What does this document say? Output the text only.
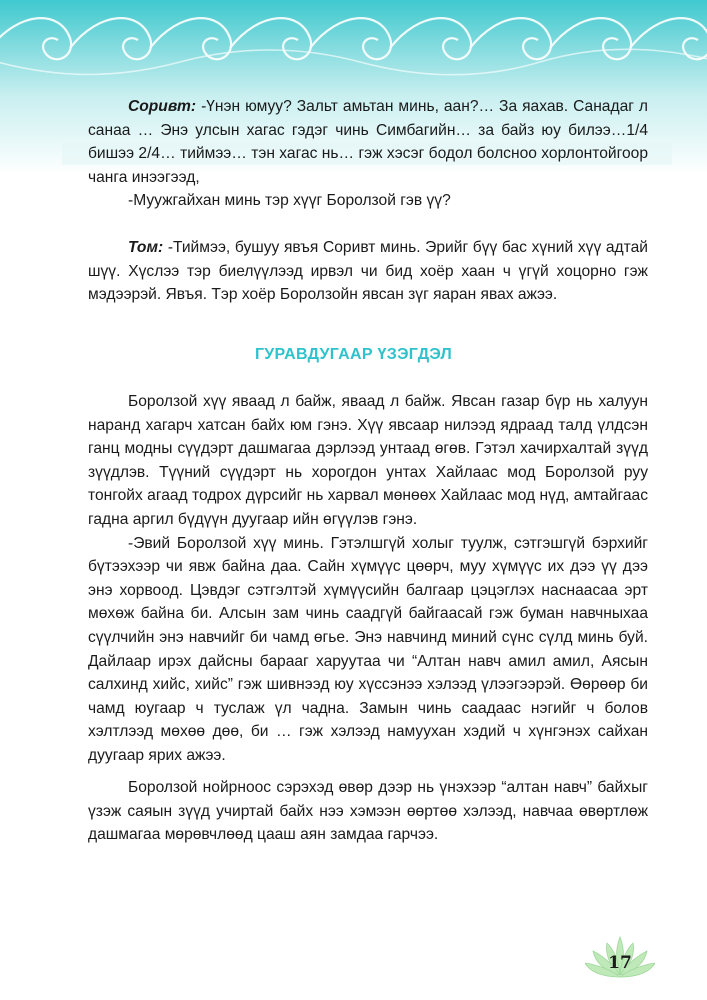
Соривт: -Үнэн юмуу? Зальт амьтан минь, аан?… За яахав. Санадаг л санаа … Энэ улсын хагас гэдэг чинь Симбагийн… за байз юу билээ…1/4 бишээ 2/4… тиймээ… тэн хагас нь… гэж хэсэг бодол болсноо хорлонтойгоор чанга инээгээд,

-Муужгайхан минь тэр хүүг Боролзой гэв үү?

Том: -Тиймээ, бушуу явъя Соривт минь. Эрийг бүү бас хүний хүү адтай шүү. Хүслээ тэр биелүүлээд ирвэл чи бид хоёр хаан ч үгүй хоцорно гэж мэдээрэй. Явъя. Тэр хоёр Боролзойн явсан зүг яаран явах ажээ.

ГУРАВДУГААР ҮЗЭГДЭЛ

Боролзой хүү яваад л байж, яваад л байж. Явсан газар бүр нь халуун наранд хагарч хатсан байх юм гэнэ. Хүү явсаар нилээд ядраад талд үлдсэн ганц модны сүүдэрт дашмагаа дэрлээд унтаад өгөв. Гэтэл хачирхалтай зүүд зүүдлэв. Түүний сүүдэрт нь хорогдон унтах Хайлаас мод Боролзой руу тонгойх агаад тодрох дүрсийг нь харвал мөнөөх Хайлаас мод нүд, амтайгаас гадна аргил бүдүүн дуугаар ийн өгүүлэв гэнэ.

-Эвий Боролзой хүү минь. Гэтэлшгүй холыг туулж, сэтгэшгүй бэрхийг бүтээхээр чи явж байна даа. Сайн хүмүүс цөөрч, муу хүмүүс их дээ үү дээ энэ хорвоод. Цэвдэг сэтгэлтэй хүмүүсийн балгаар цэцэглэх наснаасаа эрт мөхөж байна би. Алсын зам чинь саадгүй байгаасай гэж буман навчныхаа сүүлчийн энэ навчийг би чамд өгье. Энэ навчинд миний сүнс сүлд минь буй. Дайлаар ирэх дайсны барааг харуутаа чи “Алтан навч амил амил, Аясын салхинд хийс, хийс” гэж шивнээд юу хүссэнээ хэлээд үлээгээрэй. Өөрөөр би чамд юугаар ч туслаж үл чадна. Замын чинь саадаас нэгийг ч болов хэлтлээд мөхөө дөө, би … гэж хэлээд намуухан хэдий ч хүнгэнэх сайхан дуугаар ярих ажээ.

Боролзой нойрноос сэрэхэд өвөр дээр нь үнэхээр “алтан навч” байхыг үзэж саяын зүүд учиртай байх нээ хэмээн өөртөө хэлээд, навчаа өвөртлөж дашмагаа мөрөвчлөөд цааш аян замдаа гарчээ.

17
